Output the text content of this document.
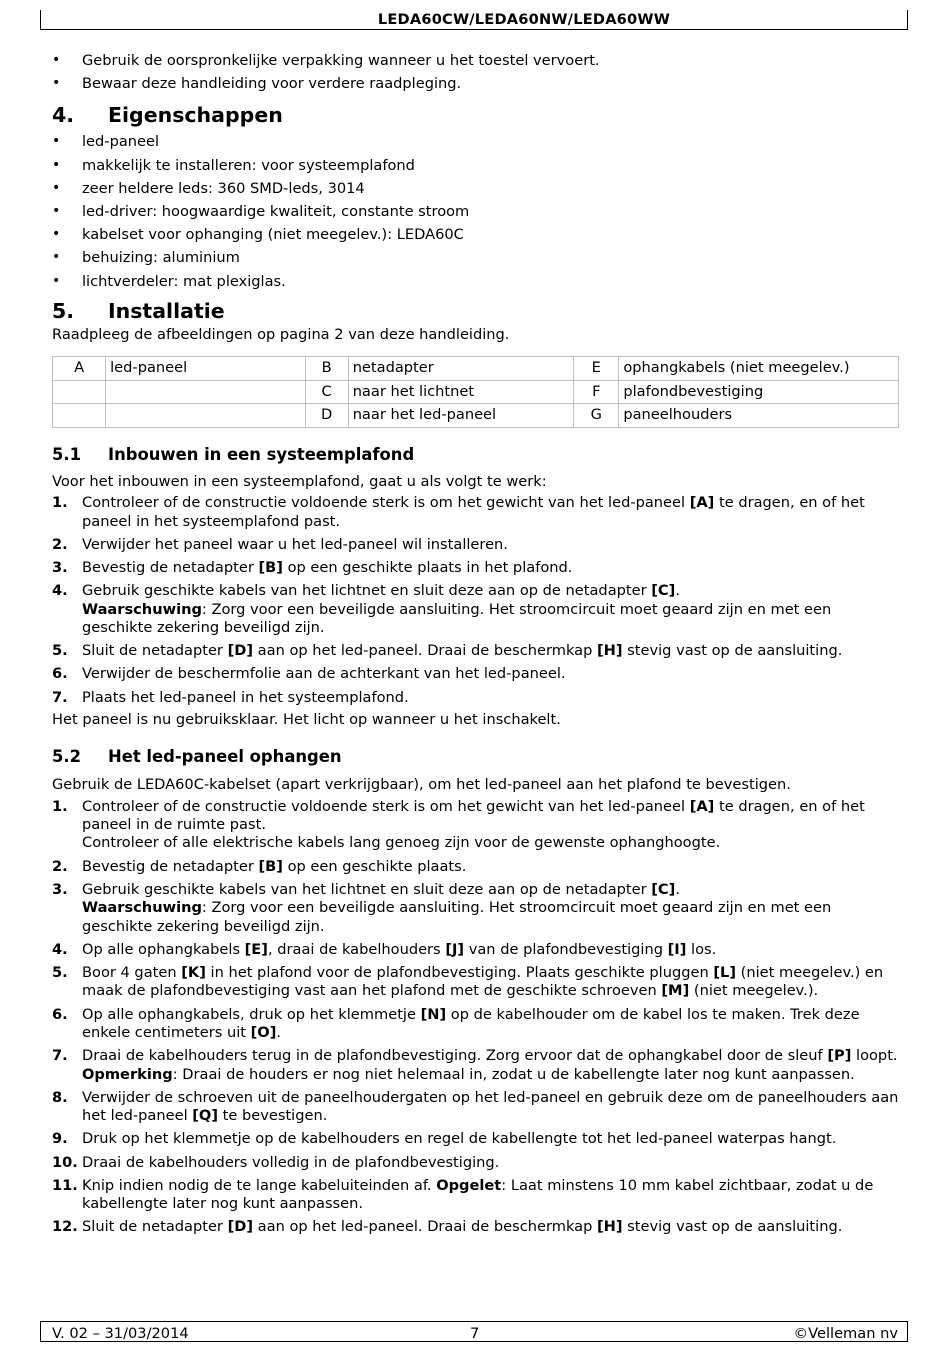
LEDA60CW/LEDA60NW/LEDA60WW
• Gebruik de oorspronkelijke verpakking wanneer u het toestel vervoert.
• Bewaar deze handleiding voor verdere raadpleging.
4. Eigenschappen
• led-paneel
• makkelijk te installeren: voor systeemplafond
• zeer heldere leds: 360 SMD-leds, 3014
• led-driver: hoogwaardige kwaliteit, constante stroom
• kabelset voor ophanging (niet meegelev.): LEDA60C
• behuizing: aluminium
• lichtverdeler: mat plexiglas.
5. Installatie

Raadpleeg de afbeeldingen op pagina 2 van deze handleiding.

A	led-paneel	B	netadapter	E	ophangkabels (niet meegelev.)
		C	naar het lichtnet	F	plafondbevestiging
		D	naar het led-paneel	G	paneelhouders
5.1 Inbouwen in een systeemplafond

Voor het inbouwen in een systeemplafond, gaat u als volgt te werk:

1. Controleer of de constructie voldoende sterk is om het gewicht van het led-paneel [A] te dragen, en of het paneel in het systeemplafond past.
2. Verwijder het paneel waar u het led-paneel wil installeren.
3. Bevestig de netadapter [B] op een geschikte plaats in het plafond.
4. Gebruik geschikte kabels van het lichtnet en sluit deze aan op de netadapter [C].
Waarschuwing: Zorg voor een beveiligde aansluiting. Het stroomcircuit moet geaard zijn en met een geschikte zekering beveiligd zijn.
5. Sluit de netadapter [D] aan op het led-paneel. Draai de beschermkap [H] stevig vast op de aansluiting.
6. Verwijder de beschermfolie aan de achterkant van het led-paneel.
7. Plaats het led-paneel in het systeemplafond.

Het paneel is nu gebruiksklaar. Het licht op wanneer u het inschakelt.

5.2 Het led-paneel ophangen

Gebruik de LEDA60C-kabelset (apart verkrijgbaar), om het led-paneel aan het plafond te bevestigen.

1. Controleer of de constructie voldoende sterk is om het gewicht van het led-paneel [A] te dragen, en of het paneel in de ruimte past.
Controleer of alle elektrische kabels lang genoeg zijn voor de gewenste ophanghoogte.
2. Bevestig de netadapter [B] op een geschikte plaats.
3. Gebruik geschikte kabels van het lichtnet en sluit deze aan op de netadapter [C].
Waarschuwing: Zorg voor een beveiligde aansluiting. Het stroomcircuit moet geaard zijn en met een geschikte zekering beveiligd zijn.
4. Op alle ophangkabels [E], draai de kabelhouders [J] van de plafondbevestiging [I] los.
5. Boor 4 gaten [K] in het plafond voor de plafondbevestiging. Plaats geschikte pluggen [L] (niet meegelev.) en maak de plafondbevestiging vast aan het plafond met de geschikte schroeven [M] (niet meegelev.).
6. Op alle ophangkabels, druk op het klemmetje [N] op de kabelhouder om de kabel los te maken. Trek deze enkele centimeters uit [O].
7. Draai de kabelhouders terug in de plafondbevestiging. Zorg ervoor dat de ophangkabel door de sleuf [P] loopt. Opmerking: Draai de houders er nog niet helemaal in, zodat u de kabellengte later nog kunt aanpassen.
8. Verwijder de schroeven uit de paneelhoudergaten op het led-paneel en gebruik deze om de paneelhouders aan het led-paneel [Q] te bevestigen.
9. Druk op het klemmetje op de kabelhouders en regel de kabellengte tot het led-paneel waterpas hangt.
10. Draai de kabelhouders volledig in de plafondbevestiging.
11. Knip indien nodig de te lange kabeluiteinden af. Opgelet: Laat minstens 10 mm kabel zichtbaar, zodat u de kabellengte later nog kunt aanpassen.
12. Sluit de netadapter [D] aan op het led-paneel. Draai de beschermkap [H] stevig vast op de aansluiting.
V. 02 – 31/03/2014	7	©Velleman nv
